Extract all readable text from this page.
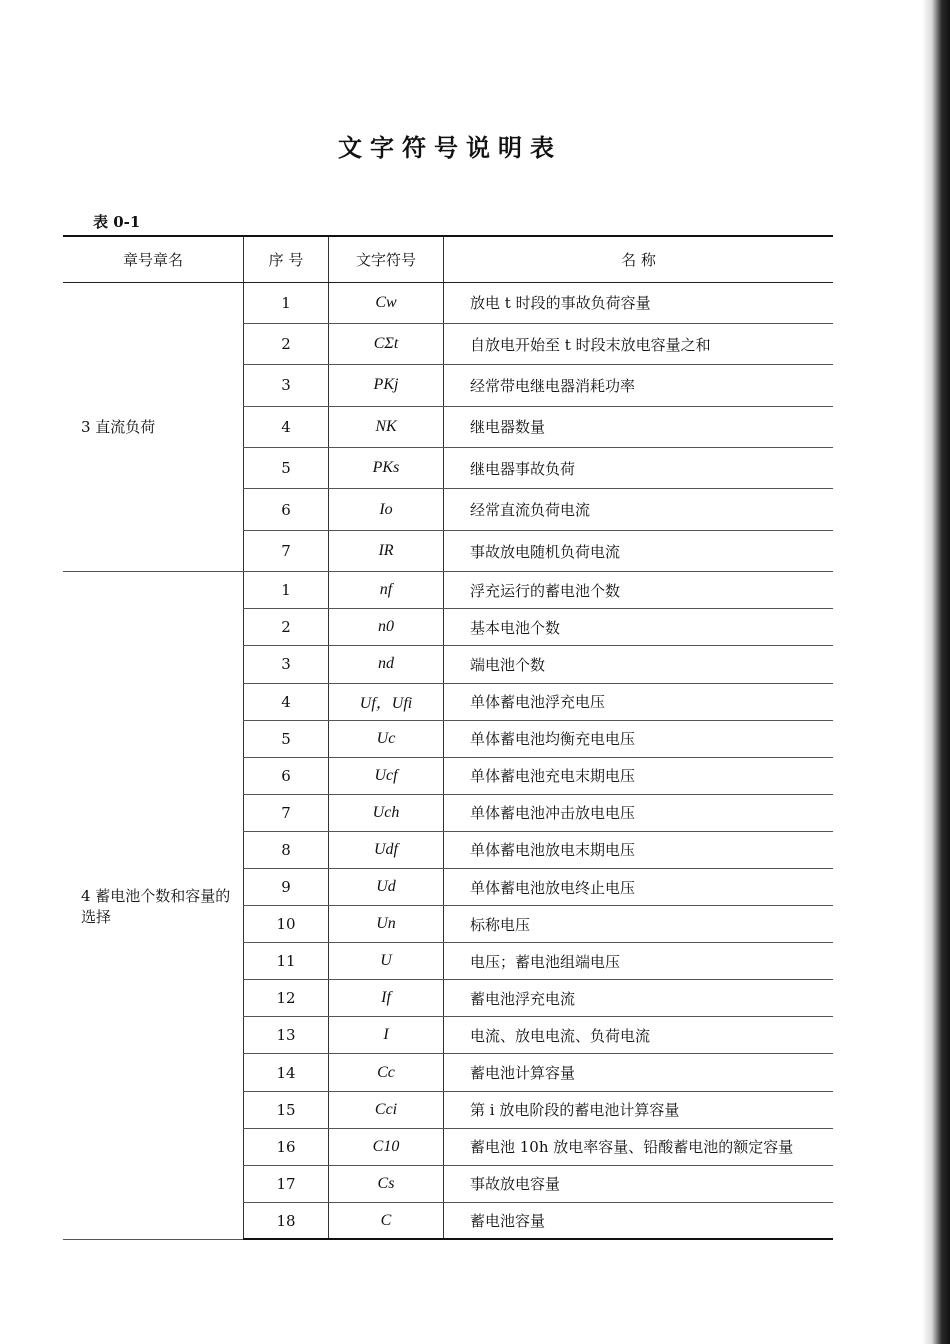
文字符号说明表
表 0-1
章号章名	序 号	文字符号	名 称
3 直流负荷	1	Cw	放电 t 时段的事故负荷容量
	2	CΣt	自放电开始至 t 时段末放电容量之和
	3	PKj	经常带电继电器消耗功率
	4	NK	继电器数量
	5	PKs	继电器事故负荷
	6	Io	经常直流负荷电流
	7	IR	事故放电随机负荷电流
4 蓄电池个数和容量的选择	1	nf	浮充运行的蓄电池个数
	2	n0	基本电池个数
	3	nd	端电池个数
	4	Uf，Ufi	单体蓄电池浮充电压
	5	Uc	单体蓄电池均衡充电电压
	6	Ucf	单体蓄电池充电末期电压
	7	Uch	单体蓄电池冲击放电电压
	8	Udf	单体蓄电池放电末期电压
	9	Ud	单体蓄电池放电终止电压
	10	Un	标称电压
	11	U	电压；蓄电池组端电压
	12	If	蓄电池浮充电流
	13	I	电流、放电电流、负荷电流
	14	Cc	蓄电池计算容量
	15	Cci	第 i 放电阶段的蓄电池计算容量
	16	C10	蓄电池 10h 放电率容量、铅酸蓄电池的额定容量
	17	Cs	事故放电容量
	18	C	蓄电池容量
